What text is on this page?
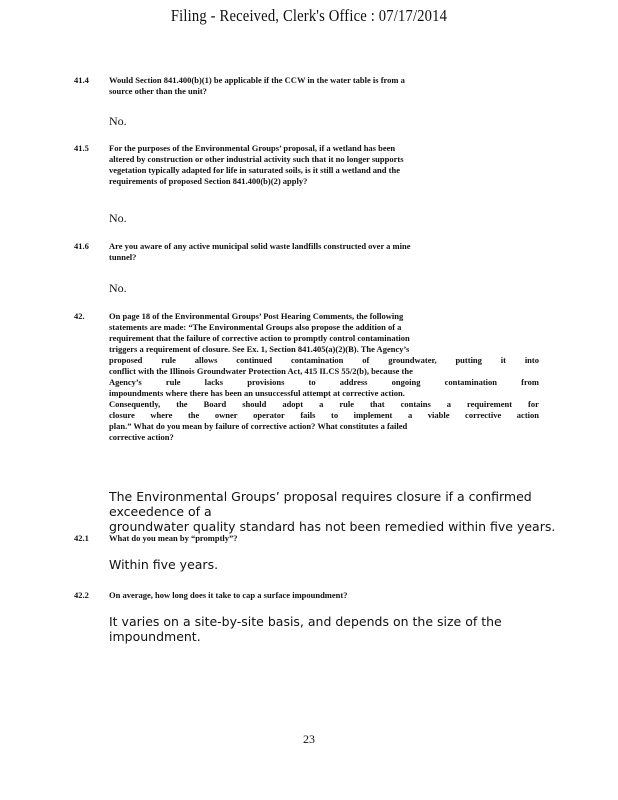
Filing - Received, Clerk's Office : 07/17/2014
41.4 Would Section 841.400(b)(1) be applicable if the CCW in the water table is from a
source other than the unit?
No.
41.5 For the purposes of the Environmental Groups’ proposal, if a wetland has been
altered by construction or other industrial activity such that it no longer supports
vegetation typically adapted for life in saturated soils, is it still a wetland and the
requirements of proposed Section 841.400(b)(2) apply?
No.
41.6 Are you aware of any active municipal solid waste landfills constructed over a mine
tunnel?
No.
42.	On page 18 of the Environmental Groups’ Post Hearing Comments, the following
statements are made: “The Environmental Groups also propose the addition of a
requirement that the failure of corrective action to promptly control contamination
triggers a requirement of closure. See Ex. 1, Section 841.405(a)(2)(B). The Agency’s
proposed rule allows continued contamination of groundwater, putting it into
conflict with the Illinois Groundwater Protection Act, 415 ILCS 55/2(b), because the
Agency’s	rule	lacks	provisions	to	address	ongoing	contamination	from
impoundments where there has been an unsuccessful attempt at corrective action.
Consequently, the Board should adopt a rule that contains a requirement for
closure where the owner operator fails to implement a viable corrective action
plan.” What do you mean by failure of corrective action? What constitutes a failed
corrective action?
The Environmental Groups’ proposal requires closure if a confirmed exceedence of a
groundwater quality standard has not been remedied within five years.
42.1 What do you mean by “promptly”?
Within five years.
42.2 On average, how long does it take to cap a surface impoundment?
It varies on a site-by-site basis, and depends on the size of the impoundment.
23
